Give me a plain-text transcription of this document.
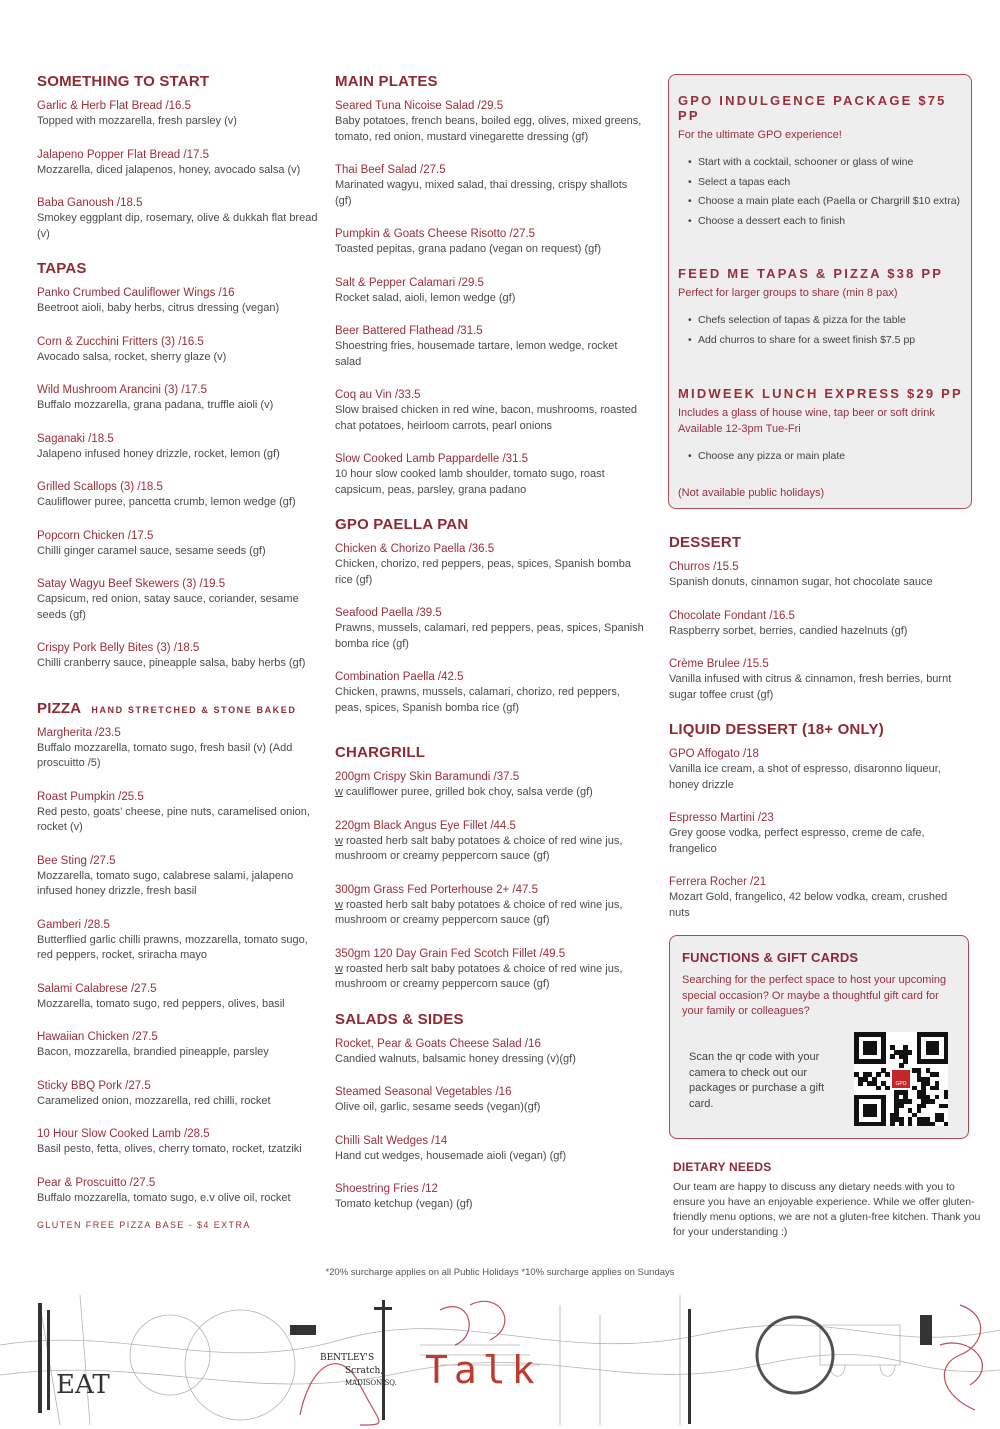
SOMETHING TO START
Garlic & Herb Flat Bread /16.5
Topped with mozzarella, fresh parsley (v)
Jalapeno Popper Flat Bread /17.5
Mozzarella, diced jalapenos, honey, avocado salsa (v)
Baba Ganoush /18.5
Smokey eggplant dip, rosemary, olive & dukkah flat bread (v)
TAPAS
Panko Crumbed Cauliflower Wings /16
Beetroot aioli, baby herbs, citrus dressing (vegan)
Corn & Zucchini Fritters (3) /16.5
Avocado salsa, rocket, sherry glaze (v)
Wild Mushroom Arancini (3) /17.5
Buffalo mozzarella, grana padana, truffle aioli (v)
Saganaki /18.5
Jalapeno infused honey drizzle, rocket, lemon (gf)
Grilled Scallops (3) /18.5
Cauliflower puree, pancetta crumb, lemon wedge (gf)
Popcorn Chicken /17.5
Chilli ginger caramel sauce, sesame seeds (gf)
Satay Wagyu Beef Skewers (3) /19.5
Capsicum, red onion, satay sauce, coriander, sesame seeds (gf)
Crispy Pork Belly Bites (3) /18.5
Chilli cranberry sauce, pineapple salsa, baby herbs (gf)
PIZZA HAND STRETCHED & STONE BAKED
Margherita /23.5
Buffalo mozzarella, tomato sugo, fresh basil (v) (Add proscuitto /5)
Roast Pumpkin /25.5
Red pesto, goats’ cheese, pine nuts, caramelised onion, rocket (v)
Bee Sting /27.5
Mozzarella, tomato sugo, calabrese salami, jalapeno infused honey drizzle, fresh basil
Gamberi /28.5
Butterflied garlic chilli prawns, mozzarella, tomato sugo, red peppers, rocket, sriracha mayo
Salami Calabrese /27.5
Mozzarella, tomato sugo, red peppers, olives, basil
Hawaiian Chicken /27.5
Bacon, mozzarella, brandied pineapple, parsley
Sticky BBQ Pork /27.5
Caramelized onion, mozzarella, red chilli, rocket
10 Hour Slow Cooked Lamb /28.5
Basil pesto, fetta, olives, cherry tomato, rocket, tzatziki
Pear & Proscuitto /27.5
Buffalo mozzarella, tomato sugo, e.v olive oil, rocket
GLUTEN FREE PIZZA BASE - $4 EXTRA
MAIN PLATES
Seared Tuna Nicoise Salad /29.5
Baby potatoes, french beans, boiled egg, olives, mixed greens, tomato, red onion, mustard vinegarette dressing (gf)
Thai Beef Salad /27.5
Marinated wagyu, mixed salad, thai dressing, crispy shallots (gf)
Pumpkin & Goats Cheese Risotto /27.5
Toasted pepitas, grana padano (vegan on request) (gf)
Salt & Pepper Calamari /29.5
Rocket salad, aioli, lemon wedge (gf)
Beer Battered Flathead /31.5
Shoestring fries, housemade tartare, lemon wedge, rocket salad
Coq au Vin /33.5
Slow braised chicken in red wine, bacon, mushrooms, roasted chat potatoes, heirloom carrots, pearl onions
Slow Cooked Lamb Pappardelle /31.5
10 hour slow cooked lamb shoulder, tomato sugo, roast capsicum, peas, parsley, grana padano
GPO PAELLA PAN
Chicken & Chorizo Paella /36.5
Chicken, chorizo, red peppers, peas, spices, Spanish bomba rice (gf)
Seafood Paella /39.5
Prawns, mussels, calamari, red peppers, peas, spices, Spanish bomba rice (gf)
Combination Paella /42.5
Chicken, prawns, mussels, calamari, chorizo, red peppers, peas, spices, Spanish bomba rice (gf)
CHARGRILL
200gm Crispy Skin Baramundi /37.5
w cauliflower puree, grilled bok choy, salsa verde (gf)
220gm Black Angus Eye Fillet /44.5
w roasted herb salt baby potatoes & choice of red wine jus, mushroom or creamy peppercorn sauce (gf)
300gm Grass Fed Porterhouse 2+ /47.5
w roasted herb salt baby potatoes & choice of red wine jus, mushroom or creamy peppercorn sauce (gf)
350gm 120 Day Grain Fed Scotch Fillet /49.5
w roasted herb salt baby potatoes & choice of red wine jus, mushroom or creamy peppercorn sauce (gf)
SALADS & SIDES
Rocket, Pear & Goats Cheese Salad /16
Candied walnuts, balsamic honey dressing (v)(gf)
Steamed Seasonal Vegetables /16
Olive oil, garlic, sesame seeds (vegan)(gf)
Chilli Salt Wedges /14
Hand cut wedges, housemade aioli (vegan) (gf)
Shoestring Fries /12
Tomato ketchup (vegan) (gf)
GPO INDULGENCE PACKAGE $75 PP
For the ultimate GPO experience!
• Start with a cocktail, schooner or glass of wine
• Select a tapas each
• Choose a main plate each (Paella or Chargrill $10 extra)
• Choose a dessert each to finish
FEED ME TAPAS & PIZZA $38 PP
Perfect for larger groups to share (min 8 pax)
• Chefs selection of tapas & pizza for the table
• Add churros to share for a sweet finish $7.5 pp
MIDWEEK LUNCH EXPRESS $29 PP
Includes a glass of house wine, tap beer or soft drink
Available 12-3pm Tue-Fri
• Choose any pizza or main plate
(Not available public holidays)
DESSERT
Churros /15.5
Spanish donuts, cinnamon sugar, hot chocolate sauce
Chocolate Fondant /16.5
Raspberry sorbet, berries, candied hazelnuts (gf)
Crème Brulee /15.5
Vanilla infused with citrus & cinnamon, fresh berries, burnt sugar toffee crust (gf)
LIQUID DESSERT (18+ ONLY)
GPO Affogato /18
Vanilla ice cream, a shot of espresso, disaronno liqueur, honey drizzle
Espresso Martini /23
Grey goose vodka, perfect espresso, creme de cafe, frangelico
Ferrera Rocher /21
Mozart Gold, frangelico, 42 below vodka, cream, crushed nuts
FUNCTIONS & GIFT CARDS
Searching for the perfect space to host your upcoming special occasion? Or maybe a thoughtful gift card for your family or colleagues?
Scan the qr code with your camera to check out our packages or purchase a gift card.
GPO
DIETARY NEEDS
Our team are happy to discuss any dietary needs with you to ensure you have an enjoyable experience. While we offer gluten-friendly menu options, we are not a gluten-free kitchen. Thank you for your understanding :)
*20% surcharge applies on all Public Holidays *10% surcharge applies on Sundays
EAT	Talk
BENTLEY'S
Scratch,
MADISON SQ.
